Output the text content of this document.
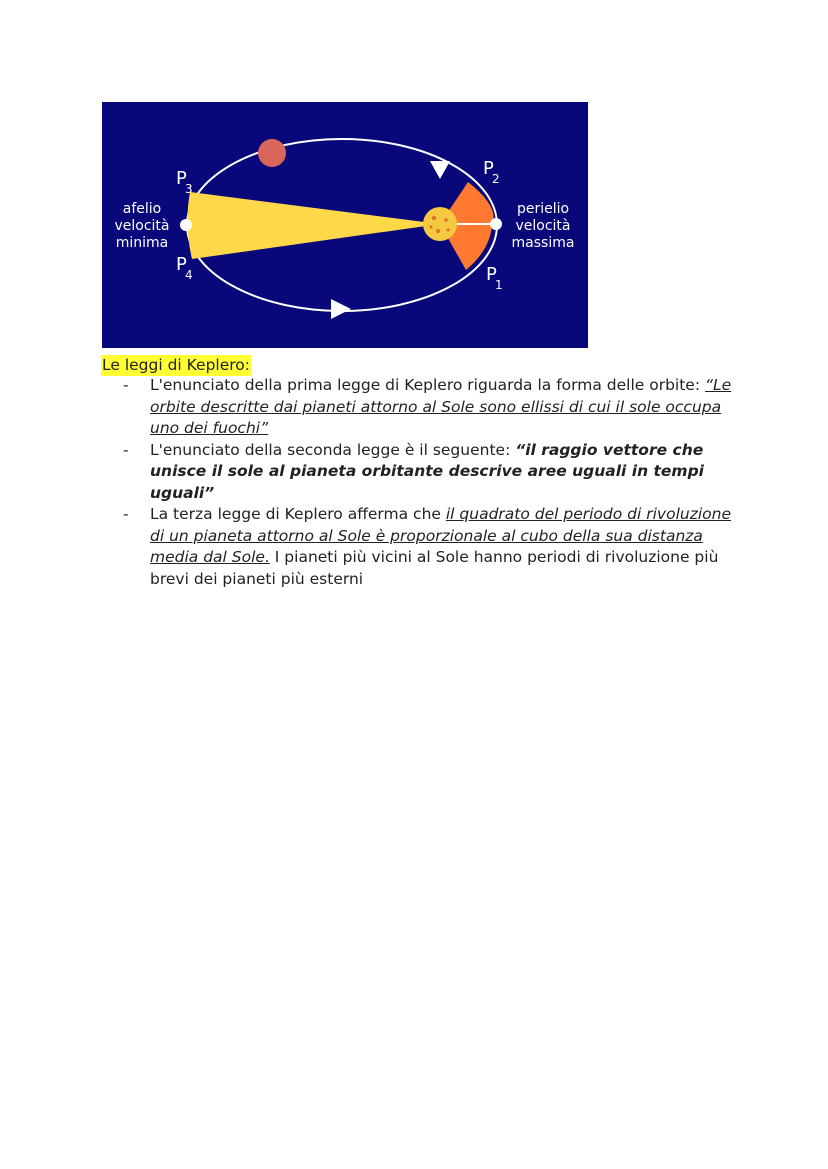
afelio
velocità
minima
perielio
velocità
massima
P
3
P
4
P
2
P
1
Le leggi di Keplero:
- L'enunciato della prima legge di Keplero riguarda la forma delle orbite: “Le orbite descritte dai pianeti attorno al Sole sono ellissi di cui il sole occupa uno dei fuochi”
- L'enunciato della seconda legge è il seguente: “il raggio vettore che unisce il sole al pianeta orbitante descrive aree uguali in tempi uguali”
- La terza legge di Keplero afferma che il quadrato del periodo di rivoluzione di un pianeta attorno al Sole è proporzionale al cubo della sua distanza media dal Sole. I pianeti più vicini al Sole hanno periodi di rivoluzione più brevi dei pianeti più esterni
